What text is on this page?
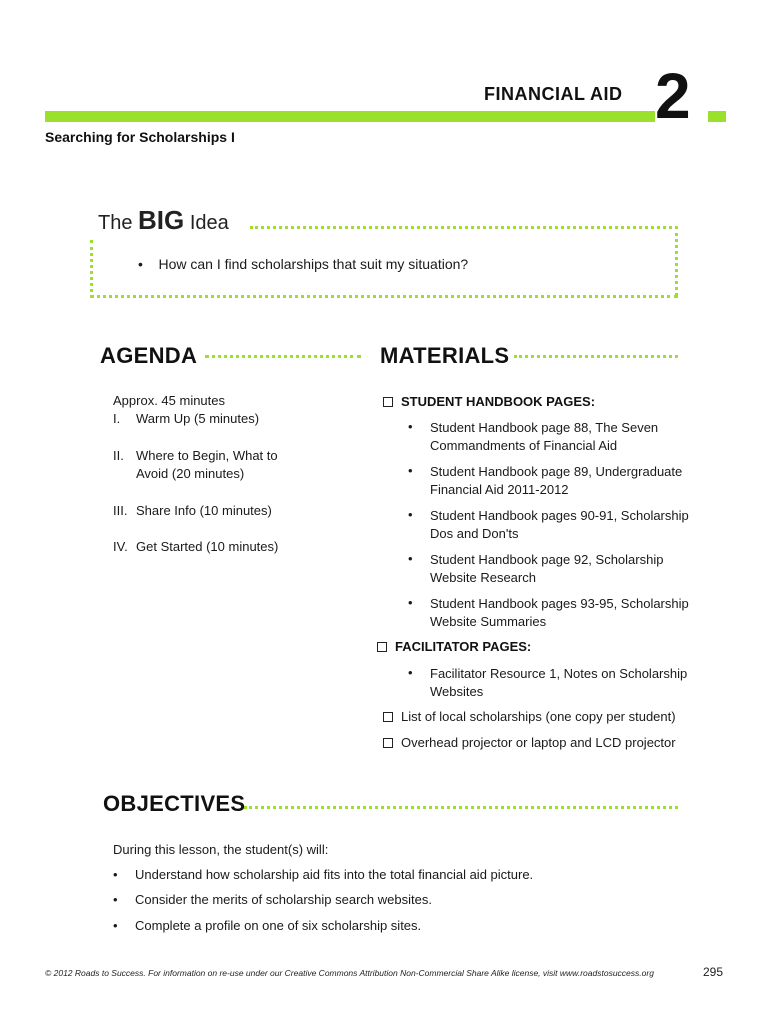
FINANCIAL AID 2
Searching for Scholarships I
The BIG Idea
• How can I find scholarships that suit my situation?
AGENDA
Approx. 45 minutes
I. Warm Up (5 minutes)
II. Where to Begin, What to
Avoid (20 minutes)
III. Share Info (10 minutes)
IV. Get Started (10 minutes)
MATERIALS
STUDENT HANDBOOK PAGES:
• Student Handbook page 88, The Seven
Commandments of Financial Aid
• Student Handbook page 89, Undergraduate
Financial Aid 2011-2012
• Student Handbook pages 90-91, Scholarship
Dos and Don'ts
• Student Handbook page 92, Scholarship
Website Research
• Student Handbook pages 93-95, Scholarship
Website Summaries
FACILITATOR PAGES:
• Facilitator Resource 1, Notes on Scholarship
Websites
List of local scholarships (one copy per student)
Overhead projector or laptop and LCD projector
OBJECTIVES
During this lesson, the student(s) will:
• Understand how scholarship aid fits into the total financial aid picture.
• Consider the merits of scholarship search websites.
• Complete a profile on one of six scholarship sites.
© 2012 Roads to Success. For information on re-use under our Creative Commons Attribution Non-Commercial Share Alike license, visit www.roadstosuccess.org	295
